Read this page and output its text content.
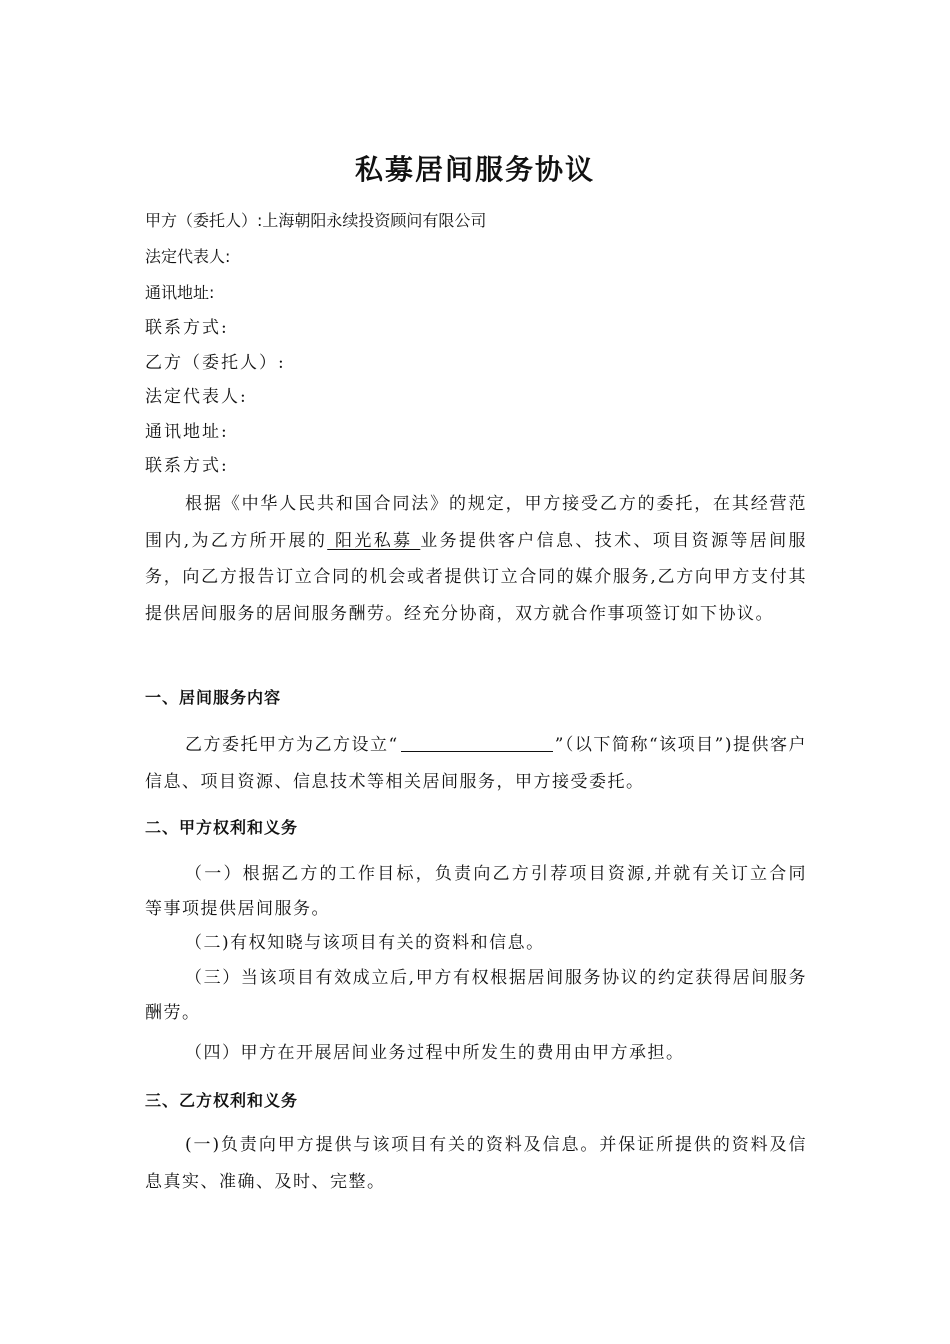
私募居间服务协议

甲方（委托人）:上海朝阳永续投资顾问有限公司

法定代表人:

通讯地址:

联系方式:

乙方（委托人）:

法定代表人:

通讯地址:

联系方式:

根据《中华人民共和国合同法》的规定，甲方接受乙方的委托，在其经营范围内,为乙方所开展的 阳光私募 业务提供客户信息、技术、项目资源等居间服务，向乙方报告订立合同的机会或者提供订立合同的媒介服务,乙方向甲方支付其提供居间服务的居间服务酬劳。经充分协商，双方就合作事项签订如下协议。

一、居间服务内容

乙方委托甲方为乙方设立“	”（以下简称“该项目”)提供客户信息、项目资源、信息技术等相关居间服务，甲方接受委托。

二、甲方权利和义务

（一）根据乙方的工作目标，负责向乙方引荐项目资源,并就有关订立合同 等事项提供居间服务。

（二)有权知晓与该项目有关的资料和信息。

（三）当该项目有效成立后,甲方有权根据居间服务协议的约定获得居间服务酬劳。

（四）甲方在开展居间业务过程中所发生的费用由甲方承担。

三、乙方权利和义务

(一)负责向甲方提供与该项目有关的资料及信息。并保证所提供的资料及信息真实、准确、及时、完整。
